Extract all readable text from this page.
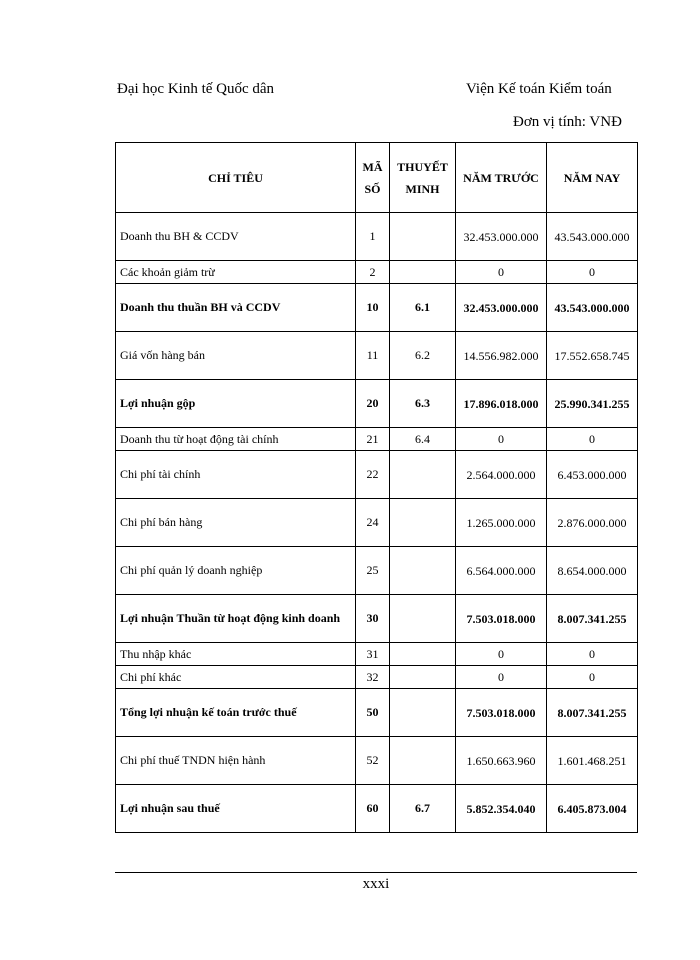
Đại học Kinh tế Quốc dân	Viện Kế toán Kiểm toán
Đơn vị tính: VNĐ
CHỈ TIÊU	MÃ SỐ	THUYẾT MINH	NĂM TRƯỚC	NĂM NAY
Doanh thu BH & CCDV	1		32.453.000.000	43.543.000.000
Các khoản giảm trừ	2		0	0
Doanh thu thuần BH và CCDV	10	6.1	32.453.000.000	43.543.000.000
Giá vốn hàng bán	11	6.2	14.556.982.000	17.552.658.745
Lợi nhuận gộp	20	6.3	17.896.018.000	25.990.341.255
Doanh thu từ hoạt động tài chính	21	6.4	0	0
Chi phí tài chính	22		2.564.000.000	6.453.000.000
Chi phí bán hàng	24		1.265.000.000	2.876.000.000
Chi phí quản lý doanh nghiệp	25		6.564.000.000	8.654.000.000
Lợi nhuận Thuần từ hoạt động kinh doanh	30		7.503.018.000	8.007.341.255
Thu nhập khác	31		0	0
Chi phí khác	32		0	0
Tổng lợi nhuận kế toán trước thuế	50		7.503.018.000	8.007.341.255
Chi phí thuế TNDN hiện hành	52		1.650.663.960	1.601.468.251
Lợi nhuận sau thuế	60	6.7	5.852.354.040	6.405.873.004
xxxi
